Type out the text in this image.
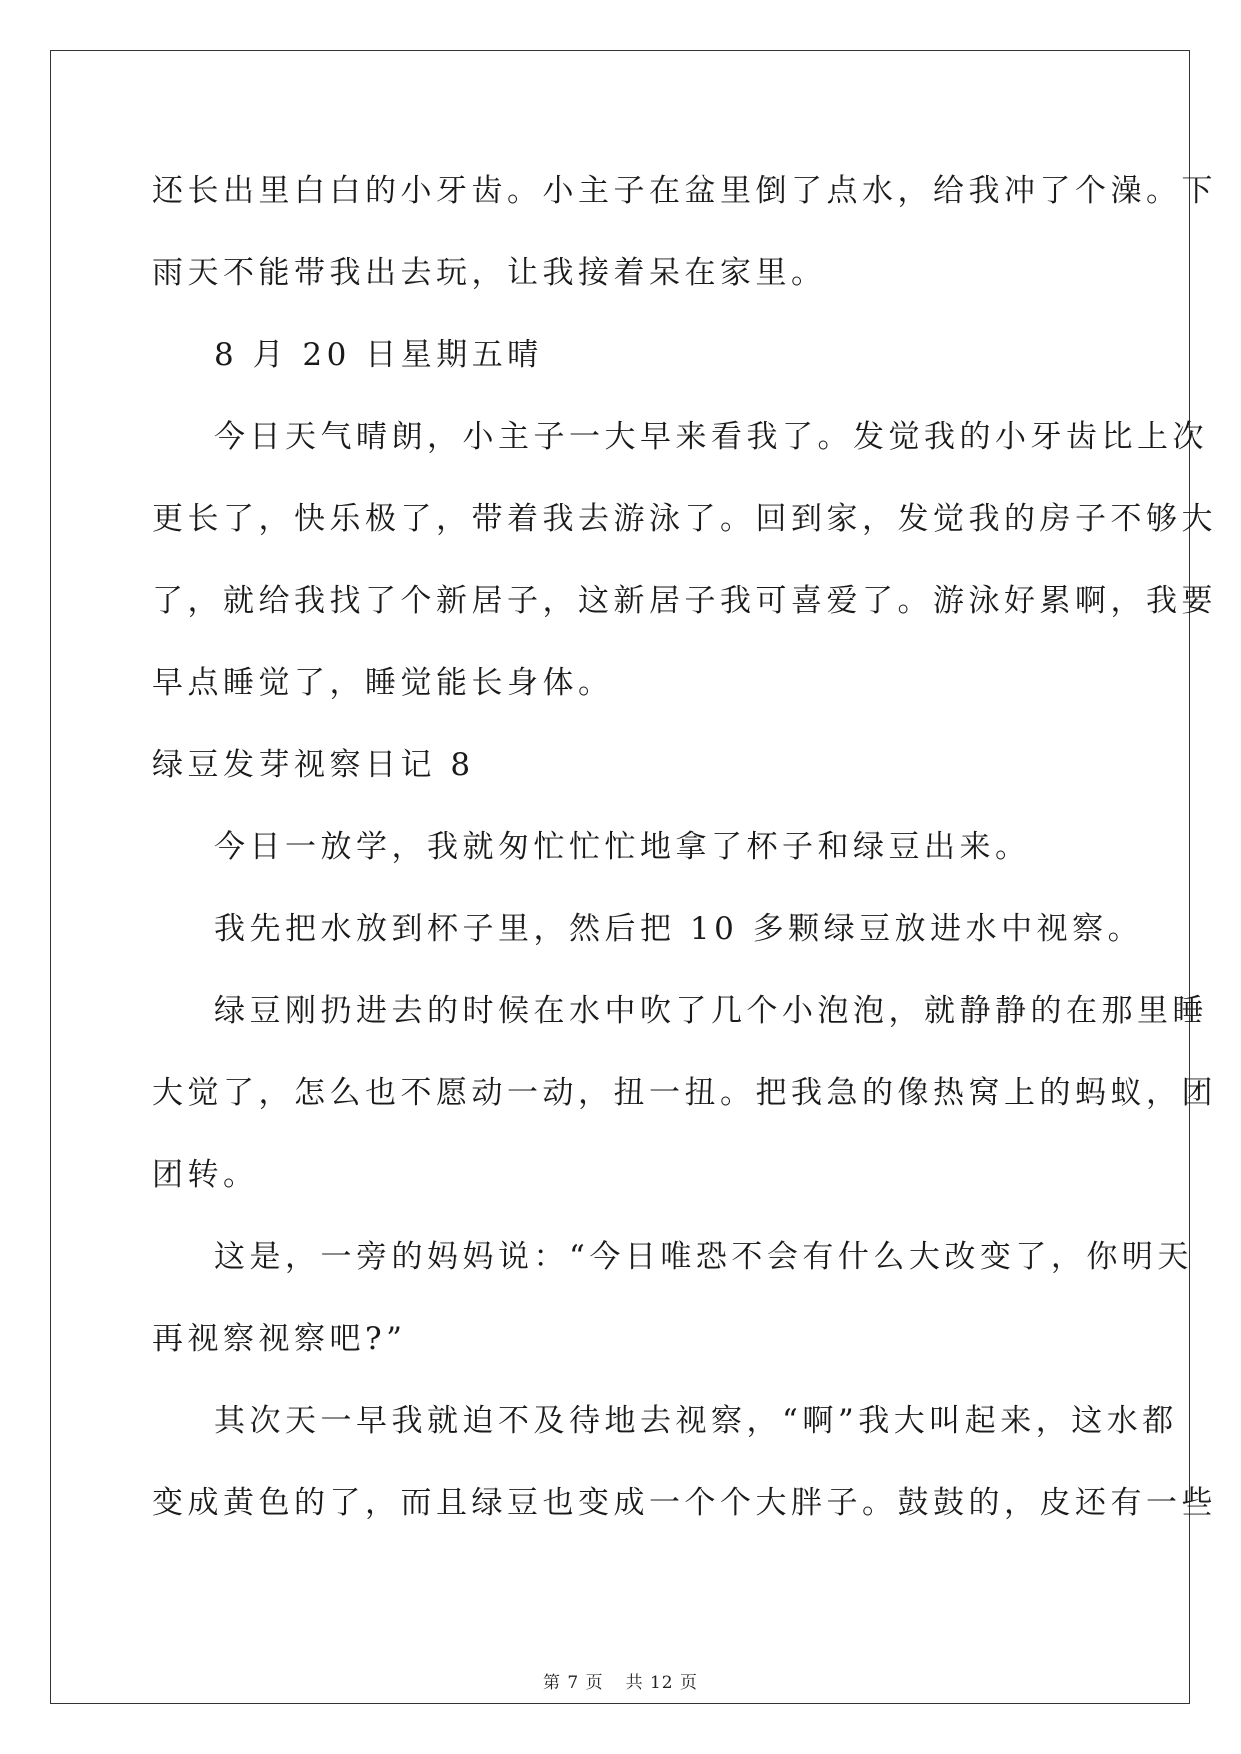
还长出里白白的小牙齿。小主子在盆里倒了点水，给我冲了个澡。下
雨天不能带我出去玩，让我接着呆在家里。
8 月 20 日星期五晴
今日天气晴朗，小主子一大早来看我了。发觉我的小牙齿比上次
更长了，快乐极了，带着我去游泳了。回到家，发觉我的房子不够大
了，就给我找了个新居子，这新居子我可喜爱了。游泳好累啊，我要
早点睡觉了，睡觉能长身体。
绿豆发芽视察日记 8
今日一放学，我就匆忙忙忙地拿了杯子和绿豆出来。
我先把水放到杯子里，然后把 10 多颗绿豆放进水中视察。
绿豆刚扔进去的时候在水中吹了几个小泡泡，就静静的在那里睡
大觉了，怎么也不愿动一动，扭一扭。把我急的像热窝上的蚂蚁，团
团转。
这是，一旁的妈妈说：“今日唯恐不会有什么大改变了，你明天
再视察视察吧?”
其次天一早我就迫不及待地去视察，“啊”我大叫起来，这水都
变成黄色的了，而且绿豆也变成一个个大胖子。鼓鼓的，皮还有一些
第 7 页 共 12 页
